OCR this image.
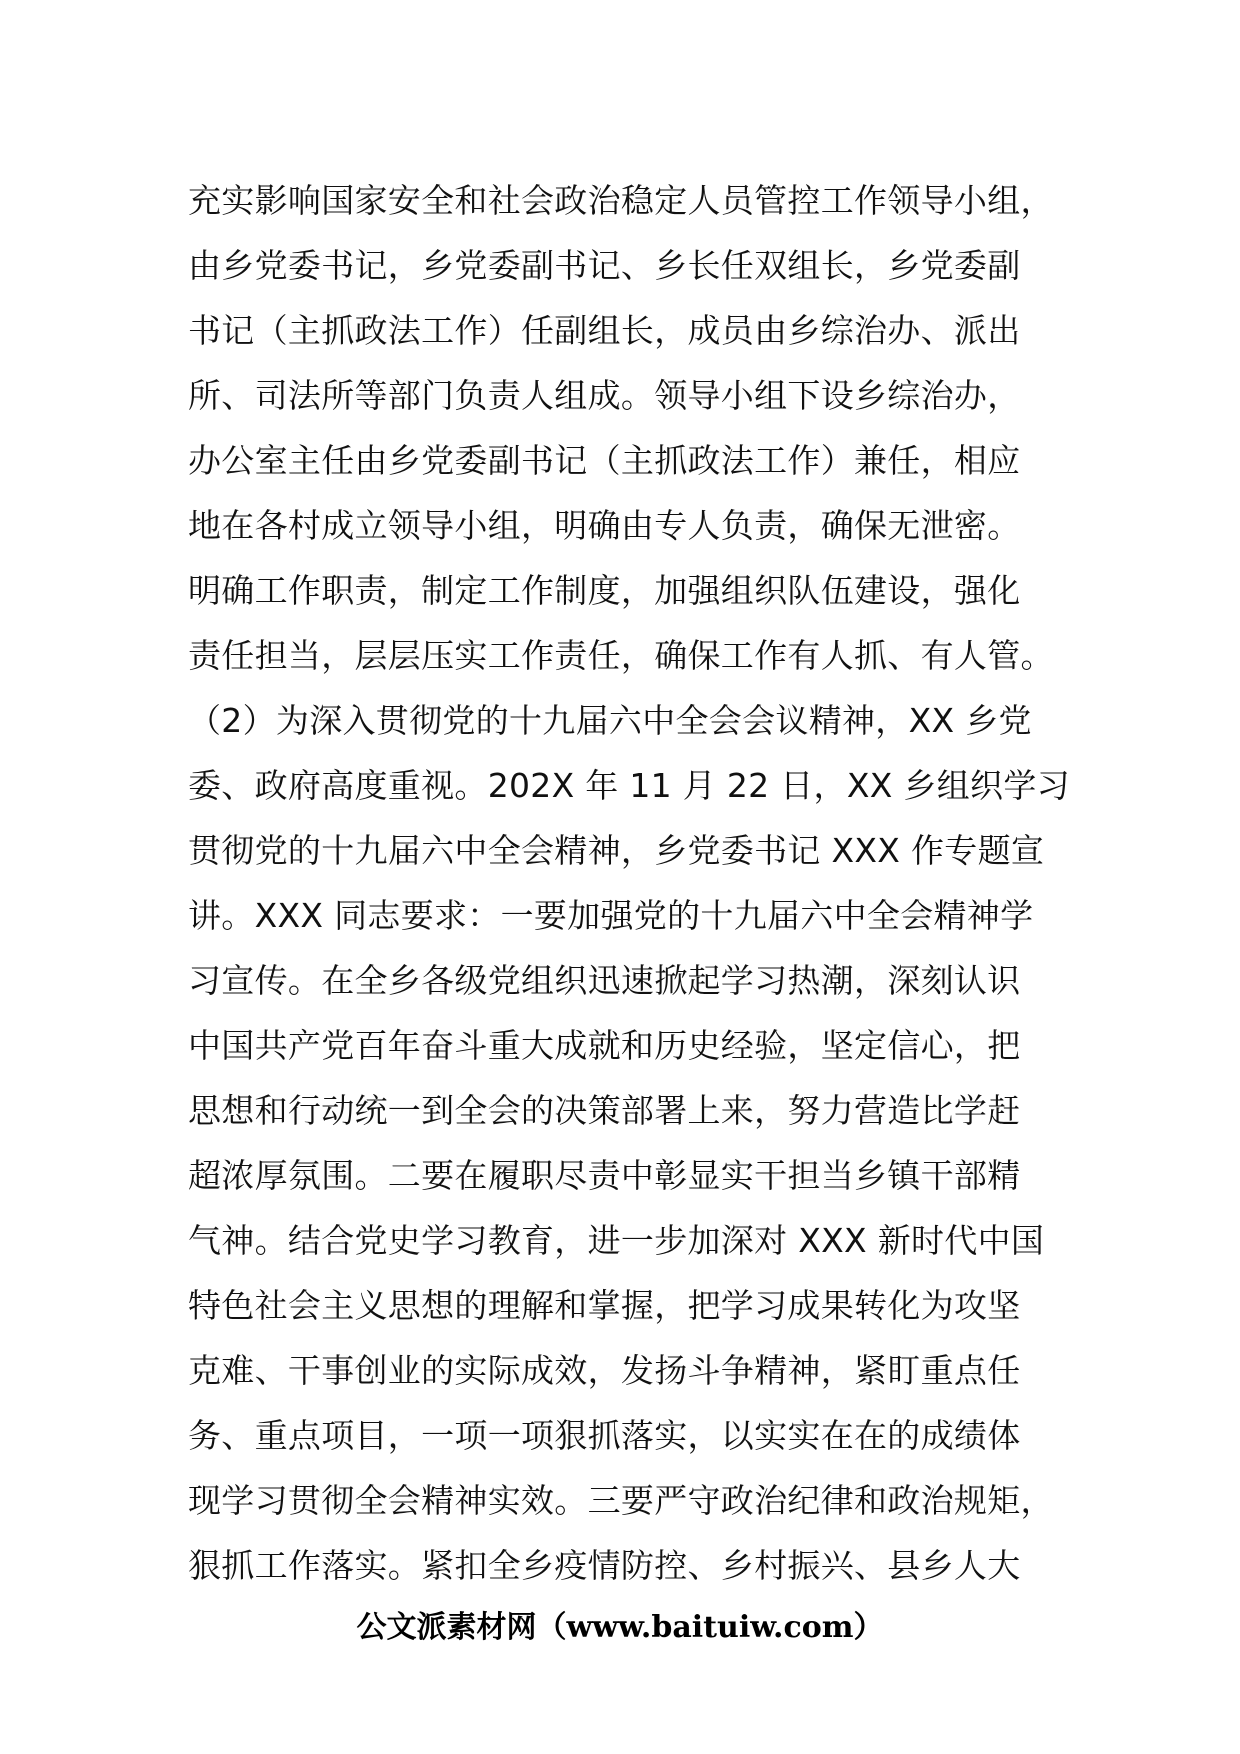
充实影响国家安全和社会政治稳定人员管控工作领导小组，
由乡党委书记，乡党委副书记、乡长任双组长，乡党委副
书记（主抓政法工作）任副组长，成员由乡综治办、派出
所、司法所等部门负责人组成。领导小组下设乡综治办，
办公室主任由乡党委副书记（主抓政法工作）兼任，相应
地在各村成立领导小组，明确由专人负责，确保无泄密。
明确工作职责，制定工作制度，加强组织队伍建设，强化
责任担当，层层压实工作责任，确保工作有人抓、有人管。
（2）为深入贯彻党的十九届六中全会会议精神，XX 乡党
委、政府高度重视。202X 年 11 月 22 日，XX 乡组织学习
贯彻党的十九届六中全会精神，乡党委书记 XXX 作专题宣
讲。XXX 同志要求：一要加强党的十九届六中全会精神学
习宣传。在全乡各级党组织迅速掀起学习热潮，深刻认识
中国共产党百年奋斗重大成就和历史经验，坚定信心，把
思想和行动统一到全会的决策部署上来，努力营造比学赶
超浓厚氛围。二要在履职尽责中彰显实干担当乡镇干部精
气神。结合党史学习教育，进一步加深对 XXX 新时代中国
特色社会主义思想的理解和掌握，把学习成果转化为攻坚
克难、干事创业的实际成效，发扬斗争精神，紧盯重点任
务、重点项目，一项一项狠抓落实，以实实在在的成绩体
现学习贯彻全会精神实效。三要严守政治纪律和政治规矩，
狠抓工作落实。紧扣全乡疫情防控、乡村振兴、县乡人大
公文派素材网（www.baituiw.com）
